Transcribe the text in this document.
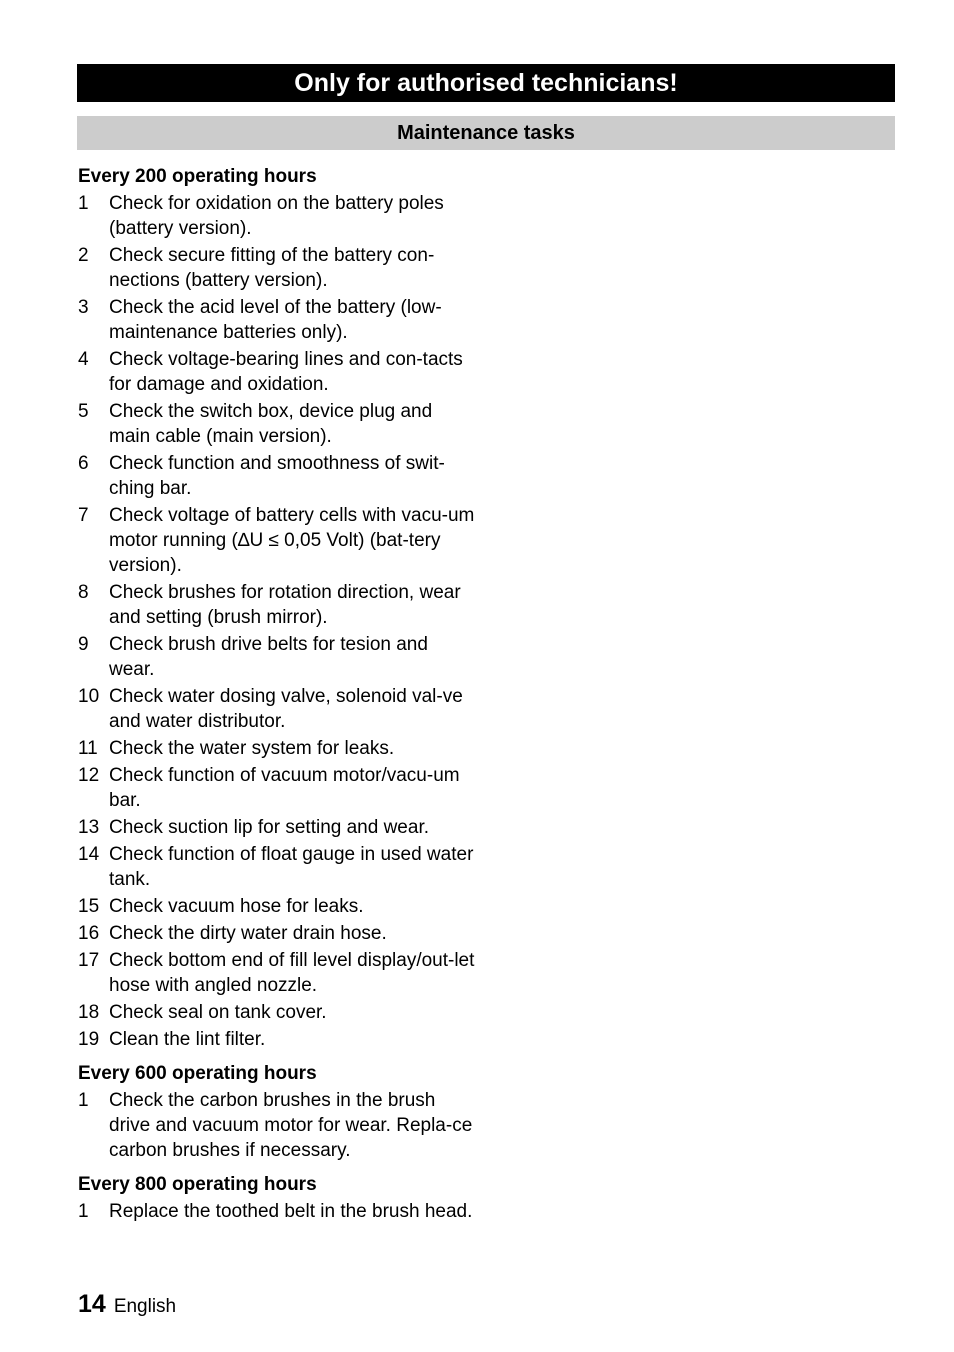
Only for authorised technicians!
Maintenance tasks

Every 200 operating hours

1	Check for oxidation on the battery poles (battery version).
2	Check secure fitting of the battery con-nections (battery version).
3	Check the acid level of the battery (low-maintenance batteries only).
4	Check voltage-bearing lines and con-tacts for damage and oxidation.
5	Check the switch box, device plug and main cable (main version).
6	Check function and smoothness of swit-ching bar.
7	Check voltage of battery cells with vacu-um motor running (∆U ≤ 0,05 Volt) (bat-tery version).
8	Check brushes for rotation direction, wear and setting (brush mirror).
9	Check brush drive belts for tesion and wear.
10 Check water dosing valve, solenoid val-ve and water distributor.
11 Check the water system for leaks.
12 Check function of vacuum motor/vacu-um bar.
13 Check suction lip for setting and wear.
14 Check function of float gauge in used water tank.
15 Check vacuum hose for leaks.
16 Check the dirty water drain hose.
17 Check bottom end of fill level display/out-let hose with angled nozzle.
18 Check seal on tank cover.
19 Clean the lint filter.

Every 600 operating hours

1	Check the carbon brushes in the brush drive and vacuum motor for wear. Repla-ce carbon brushes if necessary.

Every 800 operating hours

1	Replace the toothed belt in the brush head.
14 English
